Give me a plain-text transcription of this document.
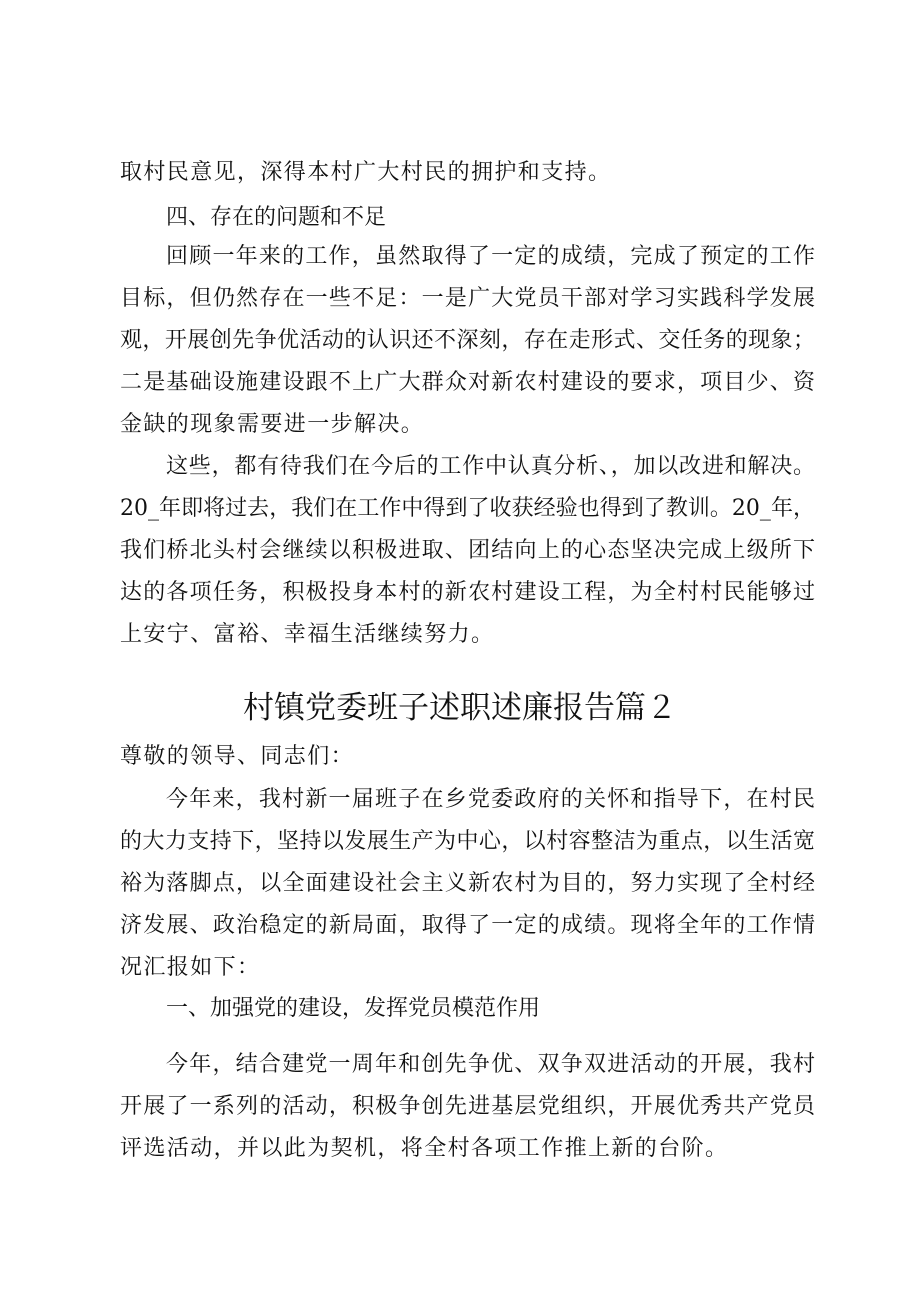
取村民意见，深得本村广大村民的拥护和支持。
四、存在的问题和不足
回顾一年来的工作，虽然取得了一定的成绩，完成了预定的工作
目标，但仍然存在一些不足：一是广大党员干部对学习实践科学发展
观，开展创先争优活动的认识还不深刻，存在走形式、交任务的现象；
二是基础设施建设跟不上广大群众对新农村建设的要求，项目少、资
金缺的现象需要进一步解决。
这些，都有待我们在今后的工作中认真分析、，加以改进和解决。
20_年即将过去，我们在工作中得到了收获经验也得到了教训。20_年，
我们桥北头村会继续以积极进取、团结向上的心态坚决完成上级所下
达的各项任务，积极投身本村的新农村建设工程，为全村村民能够过
上安宁、富裕、幸福生活继续努力。
村镇党委班子述职述廉报告篇２
尊敬的领导、同志们：
今年来，我村新一届班子在乡党委政府的关怀和指导下，在村民
的大力支持下，坚持以发展生产为中心，以村容整洁为重点，以生活宽
裕为落脚点，以全面建设社会主义新农村为目的，努力实现了全村经
济发展、政治稳定的新局面，取得了一定的成绩。现将全年的工作情
况汇报如下：
一、加强党的建设，发挥党员模范作用
今年，结合建党一周年和创先争优、双争双进活动的开展，我村
开展了一系列的活动，积极争创先进基层党组织，开展优秀共产党员
评选活动，并以此为契机，将全村各项工作推上新的台阶。
